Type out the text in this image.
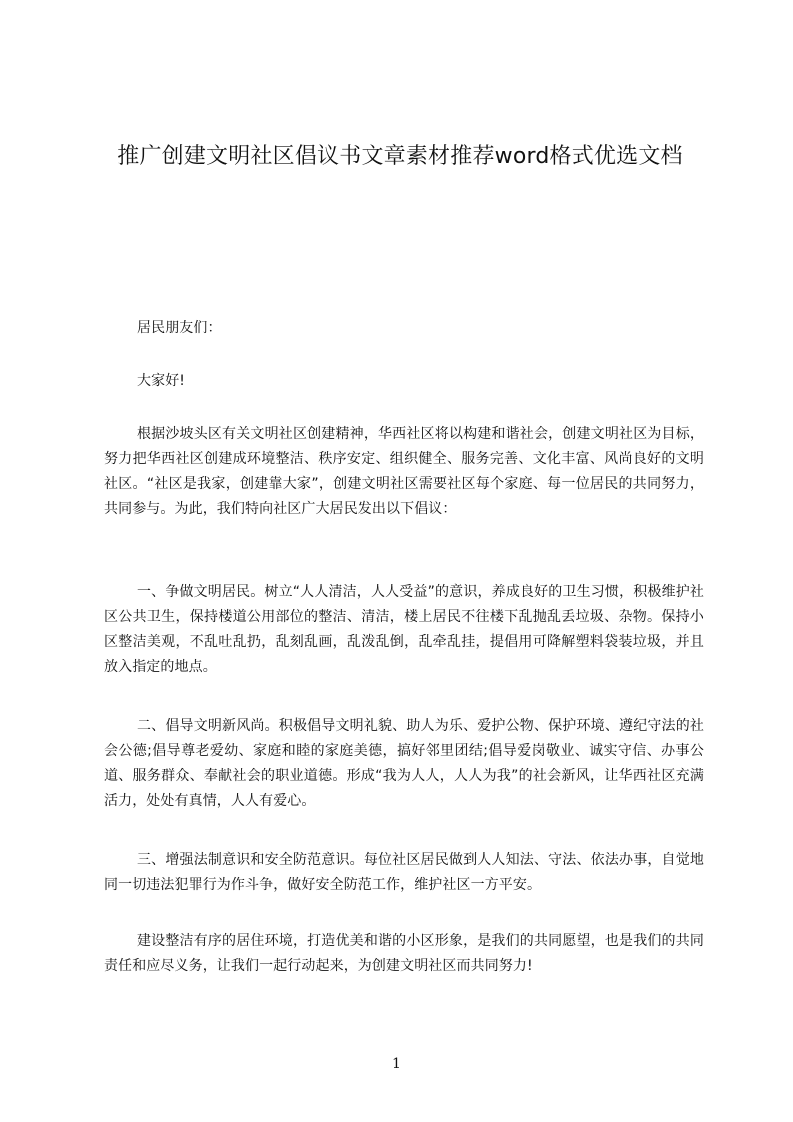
推广创建文明社区倡议书文章素材推荐word格式优选文档

居民朋友们：

大家好!

根据沙坡头区有关文明社区创建精神，华西社区将以构建和谐社会，创建文明社区为目标，努力把华西社区创建成环境整洁、秩序安定、组织健全、服务完善、文化丰富、风尚良好的文明社区。“社区是我家，创建靠大家”，创建文明社区需要社区每个家庭、每一位居民的共同努力，共同参与。为此，我们特向社区广大居民发出以下倡议：

一、争做文明居民。树立“人人清洁，人人受益”的意识，养成良好的卫生习惯，积极维护社区公共卫生，保持楼道公用部位的整洁、清洁，楼上居民不往楼下乱抛乱丢垃圾、杂物。保持小区整洁美观，不乱吐乱扔，乱刻乱画，乱泼乱倒，乱牵乱挂，提倡用可降解塑料袋装垃圾，并且放入指定的地点。

二、倡导文明新风尚。积极倡导文明礼貌、助人为乐、爱护公物、保护环境、遵纪守法的社会公德;倡导尊老爱幼、家庭和睦的家庭美德，搞好邻里团结;倡导爱岗敬业、诚实守信、办事公道、服务群众、奉献社会的职业道德。形成“我为人人，人人为我”的社会新风，让华西社区充满活力，处处有真情，人人有爱心。

三、增强法制意识和安全防范意识。每位社区居民做到人人知法、守法、依法办事，自觉地同一切违法犯罪行为作斗争，做好安全防范工作，维护社区一方平安。

建设整洁有序的居住环境，打造优美和谐的小区形象，是我们的共同愿望，也是我们的共同责任和应尽义务，让我们一起行动起来，为创建文明社区而共同努力!

1
